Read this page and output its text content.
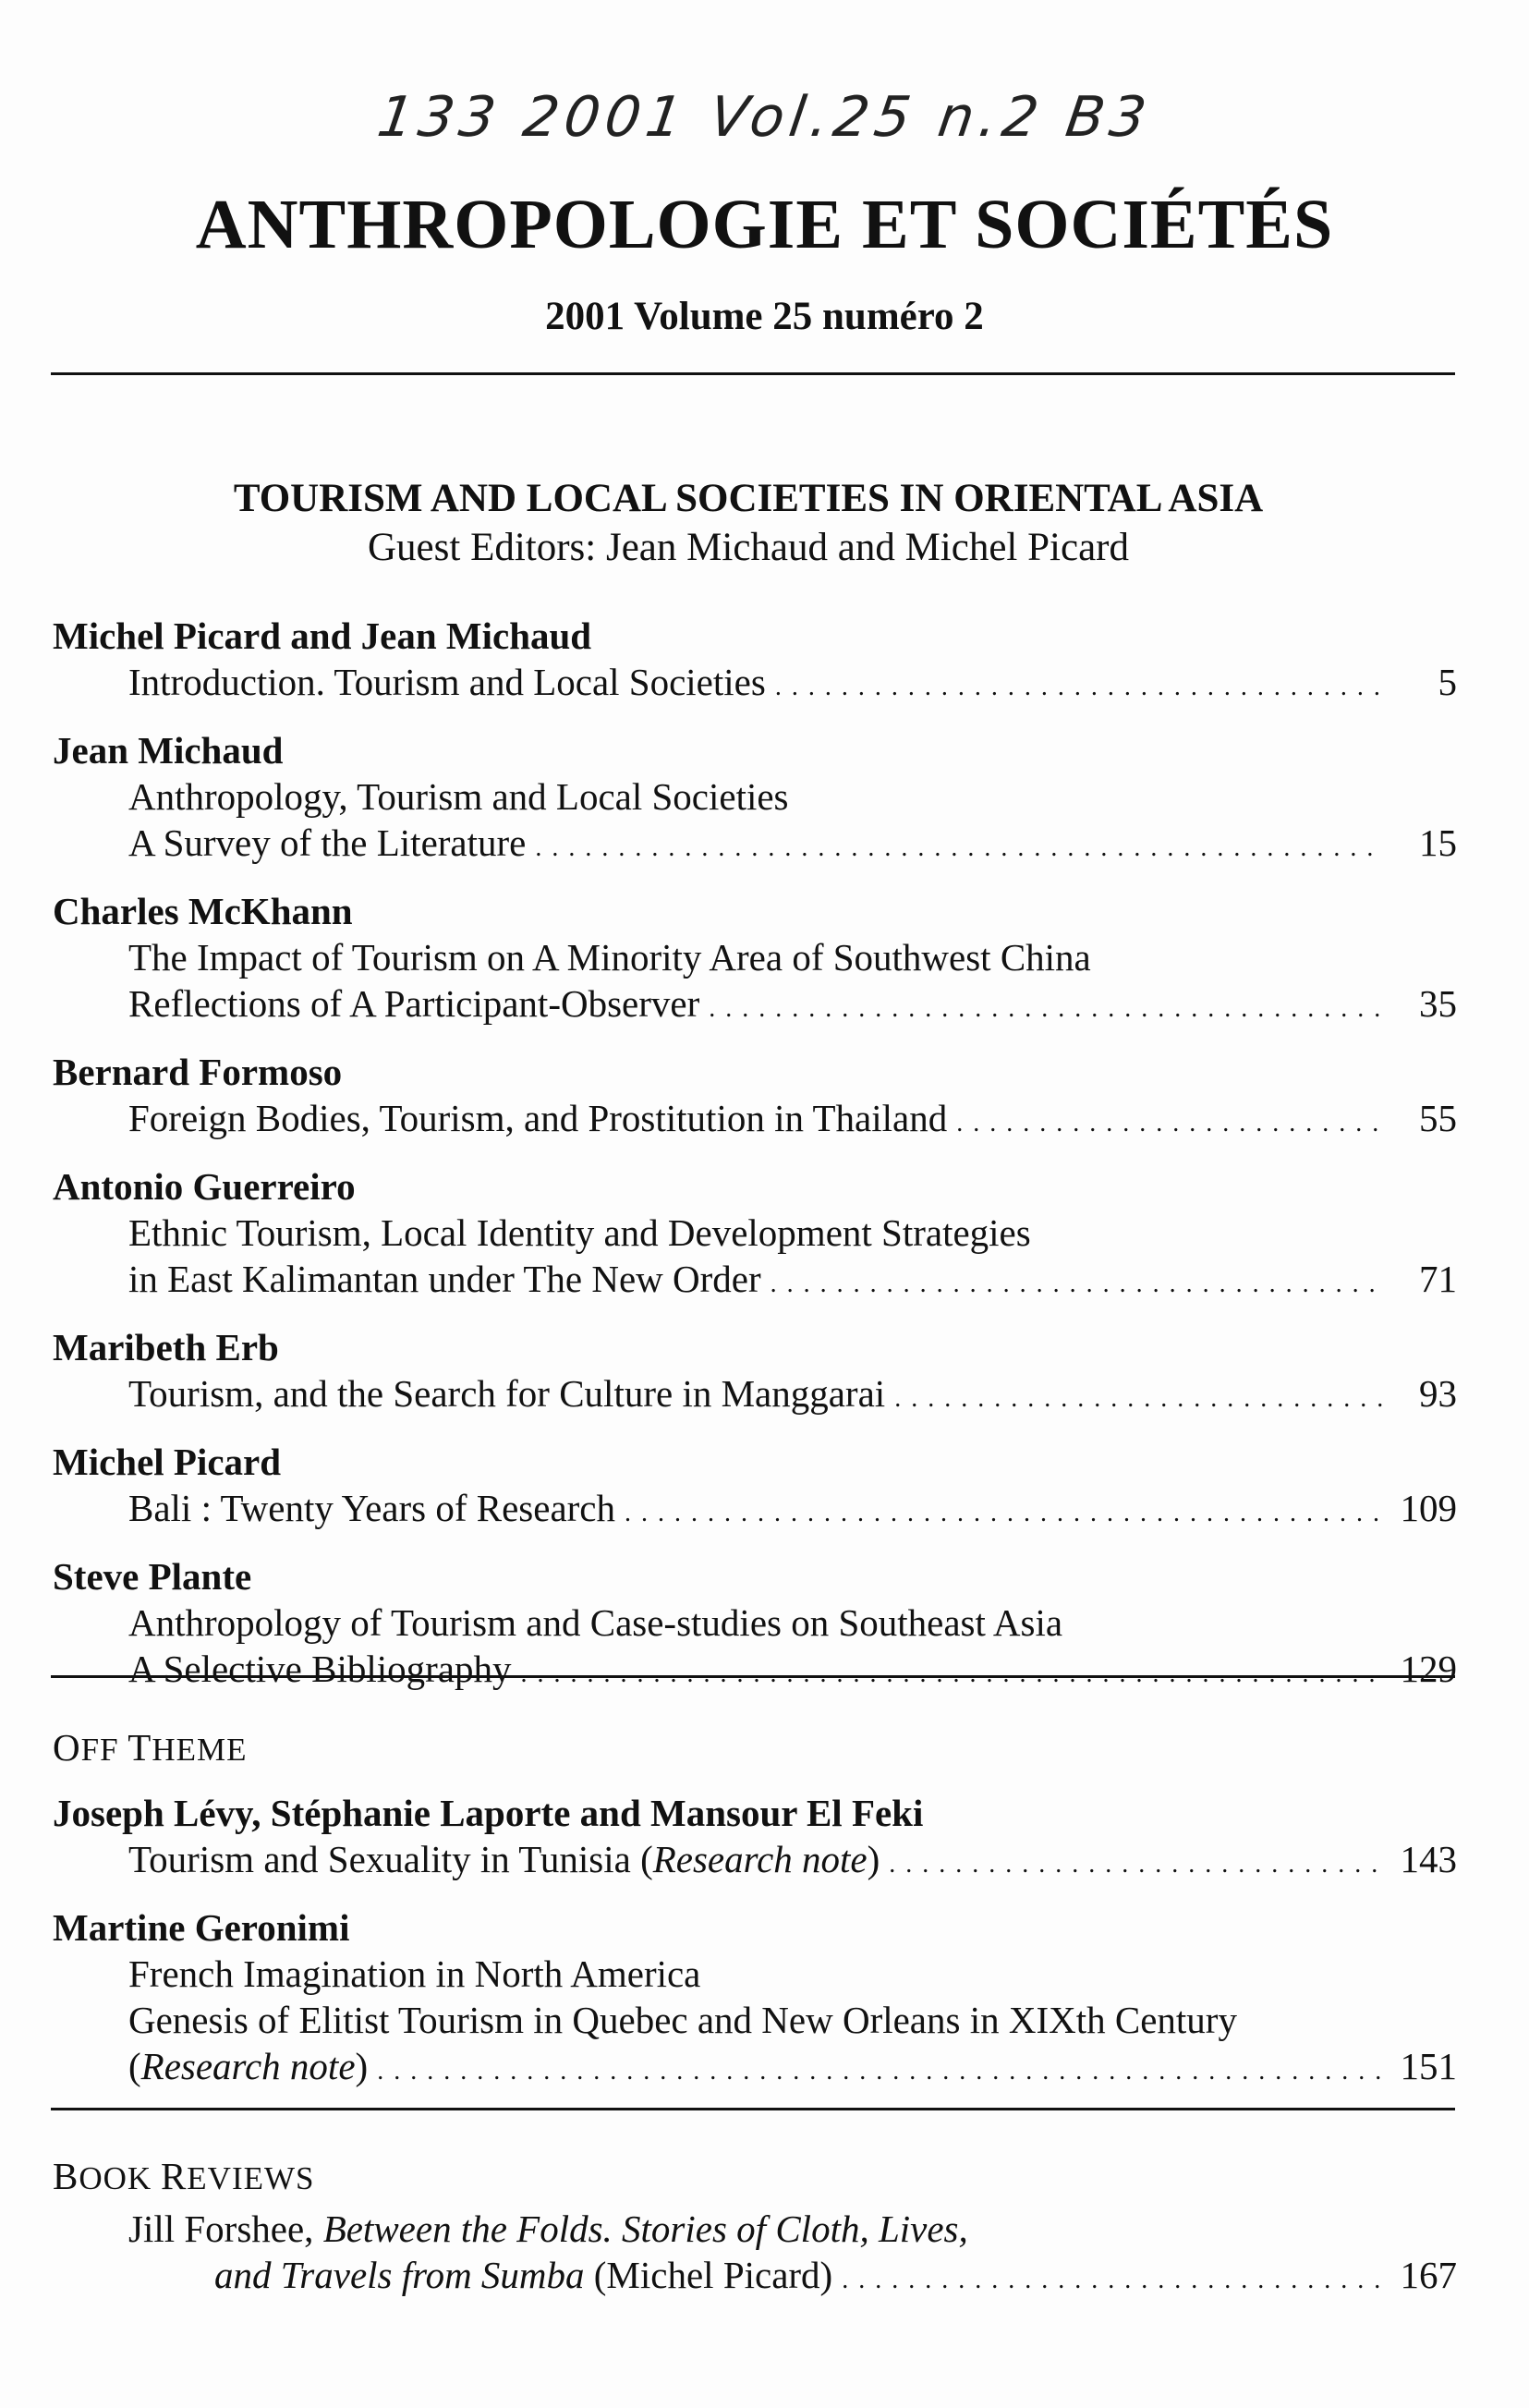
133 2001 Vol.25 n.2 B3
ANTHROPOLOGIE ET SOCIÉTÉS
2001 Volume 25 numéro 2
TOURISM AND LOCAL SOCIETIES IN ORIENTAL ASIA
Guest Editors: Jean Michaud and Michel Picard
Michel Picard and Jean Michaud
Introduction. Tourism and Local Societies . . .	5
Jean Michaud
Anthropology, Tourism and Local Societies
A Survey of the Literature . . .	15
Charles McKhann
The Impact of Tourism on A Minority Area of Southwest China
Reflections of A Participant-Observer . . .	35
Bernard Formoso
Foreign Bodies, Tourism, and Prostitution in Thailand . . .	55
Antonio Guerreiro
Ethnic Tourism, Local Identity and Development Strategies
in East Kalimantan under The New Order . . .	71
Maribeth Erb
Tourism, and the Search for Culture in Manggarai . . .	93
Michel Picard
Bali : Twenty Years of Research . . .	109
Steve Plante
Anthropology of Tourism and Case-studies on Southeast Asia
A Selective Bibliography . . .	129
OFF THEME
Joseph Lévy, Stéphanie Laporte and Mansour El Feki
Tourism and Sexuality in Tunisia (Research note) . . .	143
Martine Geronimi
French Imagination in North America
Genesis of Elitist Tourism in Quebec and New Orleans in XIXth Century
(Research note) . . .	151
BOOK REVIEWS
Jill Forshee, Between the Folds. Stories of Cloth, Lives,
and Travels from Sumba (Michel Picard) . . .	167
